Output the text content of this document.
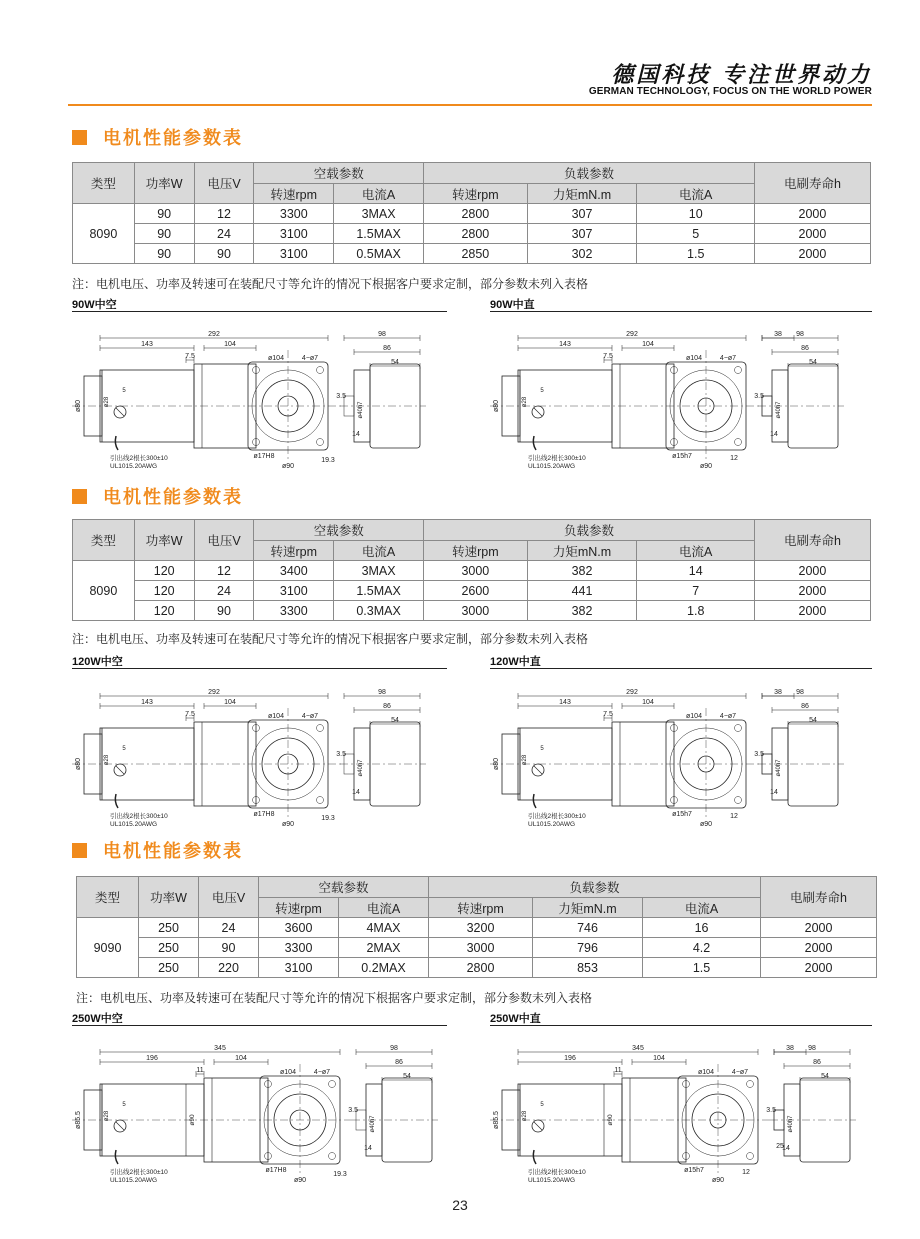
德国科技 专注世界动力
GERMAN TECHNOLOGY, FOCUS ON THE WORLD POWER
电机性能参数表
类型	功率W	电压V	空载参数		负载参数			电刷寿命h
			转速rpm	电流A	转速rpm	力矩mN.m	电流A	
8090	90	12	3300	3MAX	2800	307	10	2000
	90	24	3100	1.5MAX	2800	307	5	2000
	90	90	3100	0.5MAX	2850	302	1.5	2000
注：电机电压、功率及转速可在装配尺寸等允许的情况下根据客户要求定制，部分参数未列入表格
90W中空	90W中直
292
143	104
7.5
98
86
54
ø80	ø28
5
ø104	4−ø7
ø90
ø17H8
19.3
3.5
ø40h7
14
引出线2根长300±10
UL1015,20AWG
292
143	104
7.5
98
86
54
38
ø80	ø28
5
ø104	4−ø7
ø90
ø15h7	12
3.5
ø40h7
14
引出线2根长300±10
UL1015,20AWG
电机性能参数表
类型	功率W	电压V	空载参数		负载参数			电刷寿命h
			转速rpm	电流A	转速rpm	力矩mN.m	电流A	
8090	120	12	3400	3MAX	3000	382	14	2000
	120	24	3100	1.5MAX	2600	441	7	2000
	120	90	3300	0.3MAX	3000	382	1.8	2000
注：电机电压、功率及转速可在装配尺寸等允许的情况下根据客户要求定制，部分参数未列入表格
120W中空	120W中直
292
143	104
7.5
98
86
54
ø80	ø28
5
ø104	4−ø7
ø90
ø17H8
19.3
3.5
ø40h7
14
引出线2根长300±10
UL1015,20AWG
292
143	104
7.5
98
86
54
38
ø80	ø28
5
ø104	4−ø7
ø90
ø15h7	12
3.5
ø40h7
14
引出线2根长300±10
UL1015,20AWG
电机性能参数表
类型	功率W	电压V	空载参数		负载参数			电刷寿命h
			转速rpm	电流A	转速rpm	力矩mN.m	电流A	
9090	250	24	3600	4MAX	3200	746	16	2000
	250	90	3300	2MAX	3000	796	4.2	2000
	250	220	3100	0.2MAX	2800	853	1.5	2000
注：电机电压、功率及转速可在装配尺寸等允许的情况下根据客户要求定制，部分参数未列入表格
250W中空	250W中直
345
196	104
11
98
86
54
ø85.5	ø28
5
ø104	4−ø7
ø90
ø17H8
19.3
3.5
ø40h7
14
引出线2根长300±10
UL1015,20AWG
ø90
345
196	104
11
98
86
54
38
ø85.5	ø28
5
ø104	4−ø7
ø90
ø15h7	12
3.5
ø40h7
14
25
引出线2根长300±10
UL1015,20AWG
ø90
23
